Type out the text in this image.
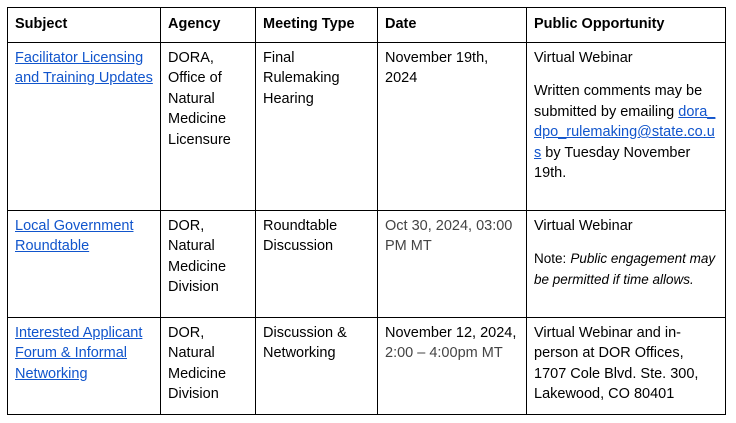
Subject	Agency	Meeting Type	Date	Public Opportunity
Facilitator Licensing and Training Updates	DORA, Office of Natural Medicine Licensure	Final Rulemaking Hearing	November 19th, 2024	Virtual Webinar
Written comments may be submitted by emailing dora_dpo_rulemaking@state.co.us by Tuesday November 19th.
Local Government Roundtable	DOR, Natural Medicine Division	Roundtable Discussion	Oct 30, 2024, 03:00 PM MT	Virtual Webinar
Note: Public engagement may be permitted if time allows.
Interested Applicant Forum & Informal Networking	DOR, Natural Medicine Division	Discussion & Networking	November 12, 2024, 2:00 – 4:00pm MT	Virtual Webinar and in-person at DOR Offices, 1707 Cole Blvd. Ste. 300, Lakewood, CO 80401
